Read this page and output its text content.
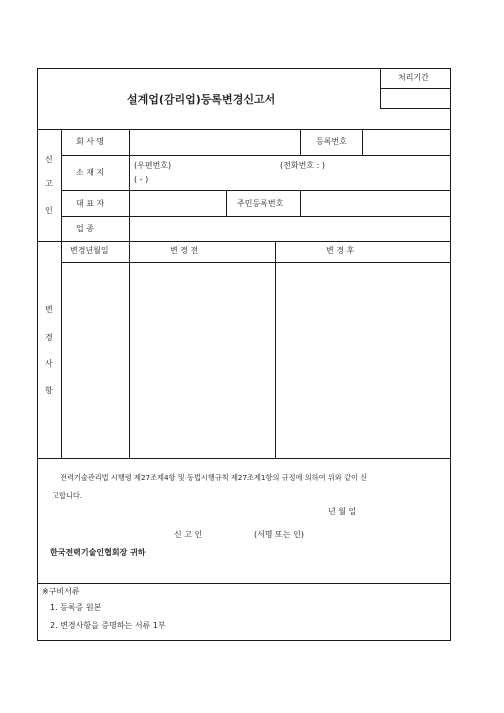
설계업(감리업)등록변경신고서
처리기간
신
고
인
회 사 명	등록번호
소 재 지
(우편번호)	(전화번호 : )
( - )
대 표 자	주민등록번호
업 종
변
경
사
항
변경년월일	변 경 전	변 경 후
전력기술관리법 시행령 제27조제4항 및 동법시행규칙 제27조제1항의 규정에 의하여 위와 같이 신
고합니다.
년 월 일
신 고 인	(서명 또는 인)
한국전력기술인협회장 귀하
※구비서류
1. 등록증 원본
2. 변경사항을 증명하는 서류 1부
